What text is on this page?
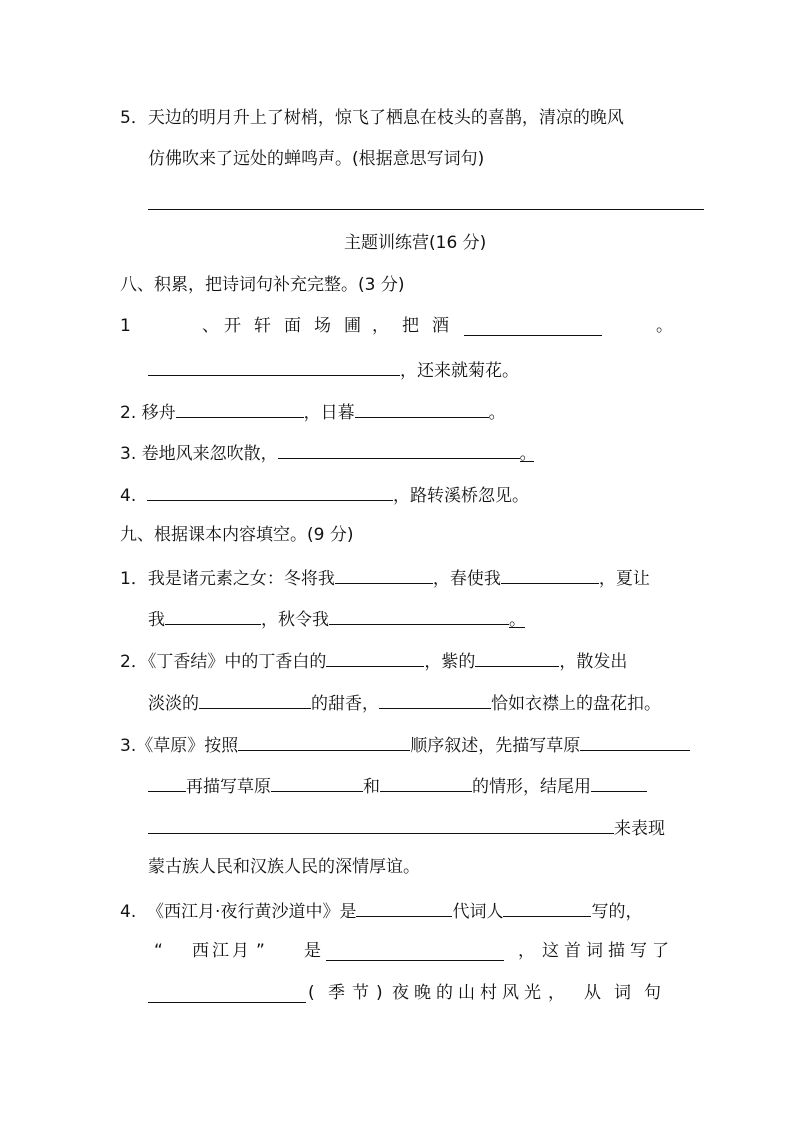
5．天边的明月升上了树梢，惊飞了栖息在枝头的喜鹊，清凉的晚风
仿佛吹来了远处的蝉鸣声。(根据意思写词句)
主题训练营(16 分)
八、积累，把诗词句补充完整。(3 分)
1	、 开 轩 面 场 圃 ， 把 酒	。
，还来就菊花。
2. 移舟	，日暮	。
3. 卷地风来忽吹散，	。
4.	，路转溪桥忽见。
九、根据课本内容填空。(9 分)
1．我是诸元素之女：冬将我	，春使我	，夏让
我	，秋令我	。
2．《丁香结》中的丁香白的	，紫的	，散发出
淡淡的	的甜香，	恰如衣襟上的盘花扣。
3.《草原》按照	顺序叙述，先描写草原
再描写草原	和	的情形，结尾用
来表现
蒙古族人民和汉族人民的深情厚谊。
4. 《西江月·夜行黄沙道中》是	代词人	写的，
“ 西 江 月 ” 是	， 这 首 词 描 写 了
( 季 节 ) 夜 晚 的 山 村 风 光 ， 从 词 句
